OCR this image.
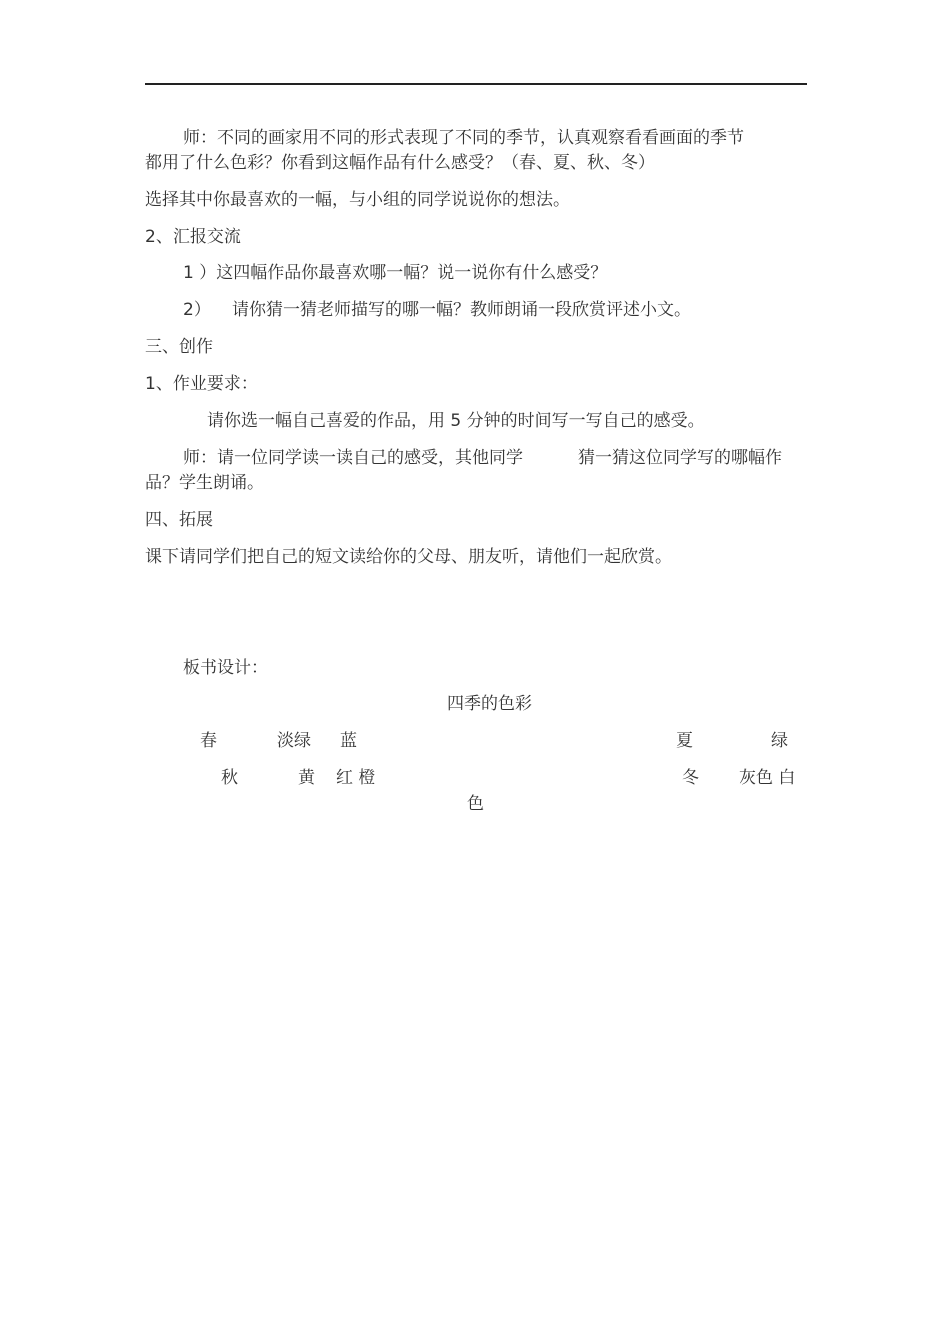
师：不同的画家用不同的形式表现了不同的季节，认真观察看看画面的季节
都用了什么色彩？你看到这幅作品有什么感受？（春、夏、秋、冬）
选择其中你最喜欢的一幅，与小组的同学说说你的想法。
2、汇报交流
1 ）这四幅作品你最喜欢哪一幅？说一说你有什么感受？
2） 请你猜一猜老师描写的哪一幅？教师朗诵一段欣赏评述小文。
三、创作
1、作业要求：
请你选一幅自己喜爱的作品，用 5 分钟的时间写一写自己的感受。
师：请一位同学读一读自己的感受，其他同学	猜一猜这位同学写的哪幅作
品？学生朗诵。
四、拓展
课下请同学们把自己的短文读给你的父母、朋友听，请他们一起欣赏。
板书设计：
四季的色彩
春	淡绿 蓝	夏	绿
秋	黄 红 橙	冬 灰色 白
色
